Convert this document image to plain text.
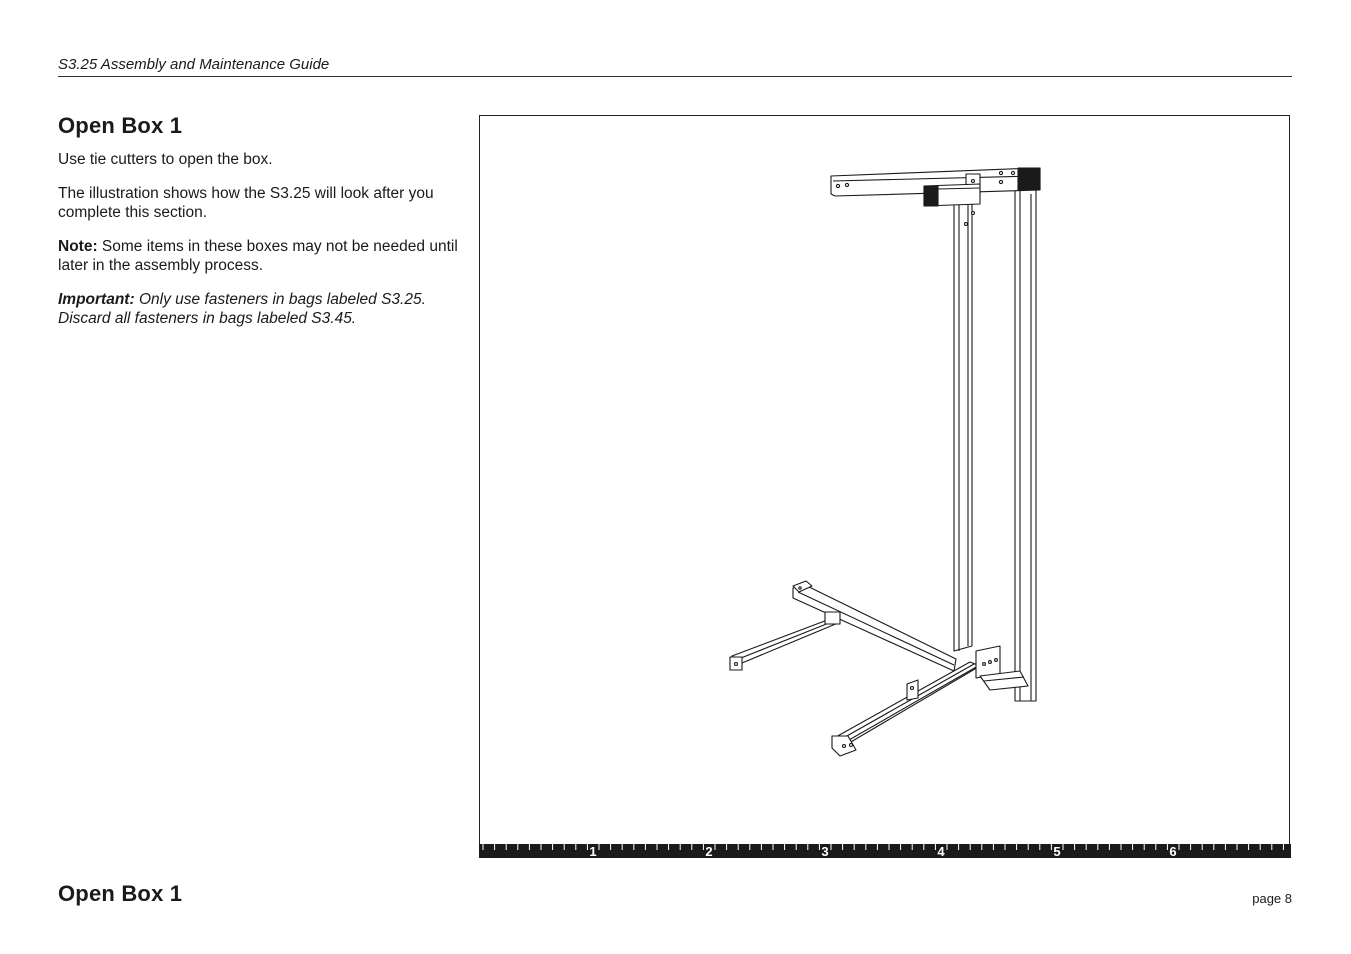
S3.25 Assembly and Maintenance Guide
Open Box 1

Use tie cutters to open the box.

The illustration shows how the S3.25 will look after you complete this section.

Note: Some items in these boxes may not be needed until later in the assembly process.

Important: Only use fasteners in bags labeled S3.25. Discard all fasteners in bags labeled S3.45.

1	2	3	4	5	6
Open Box 1	page 8
